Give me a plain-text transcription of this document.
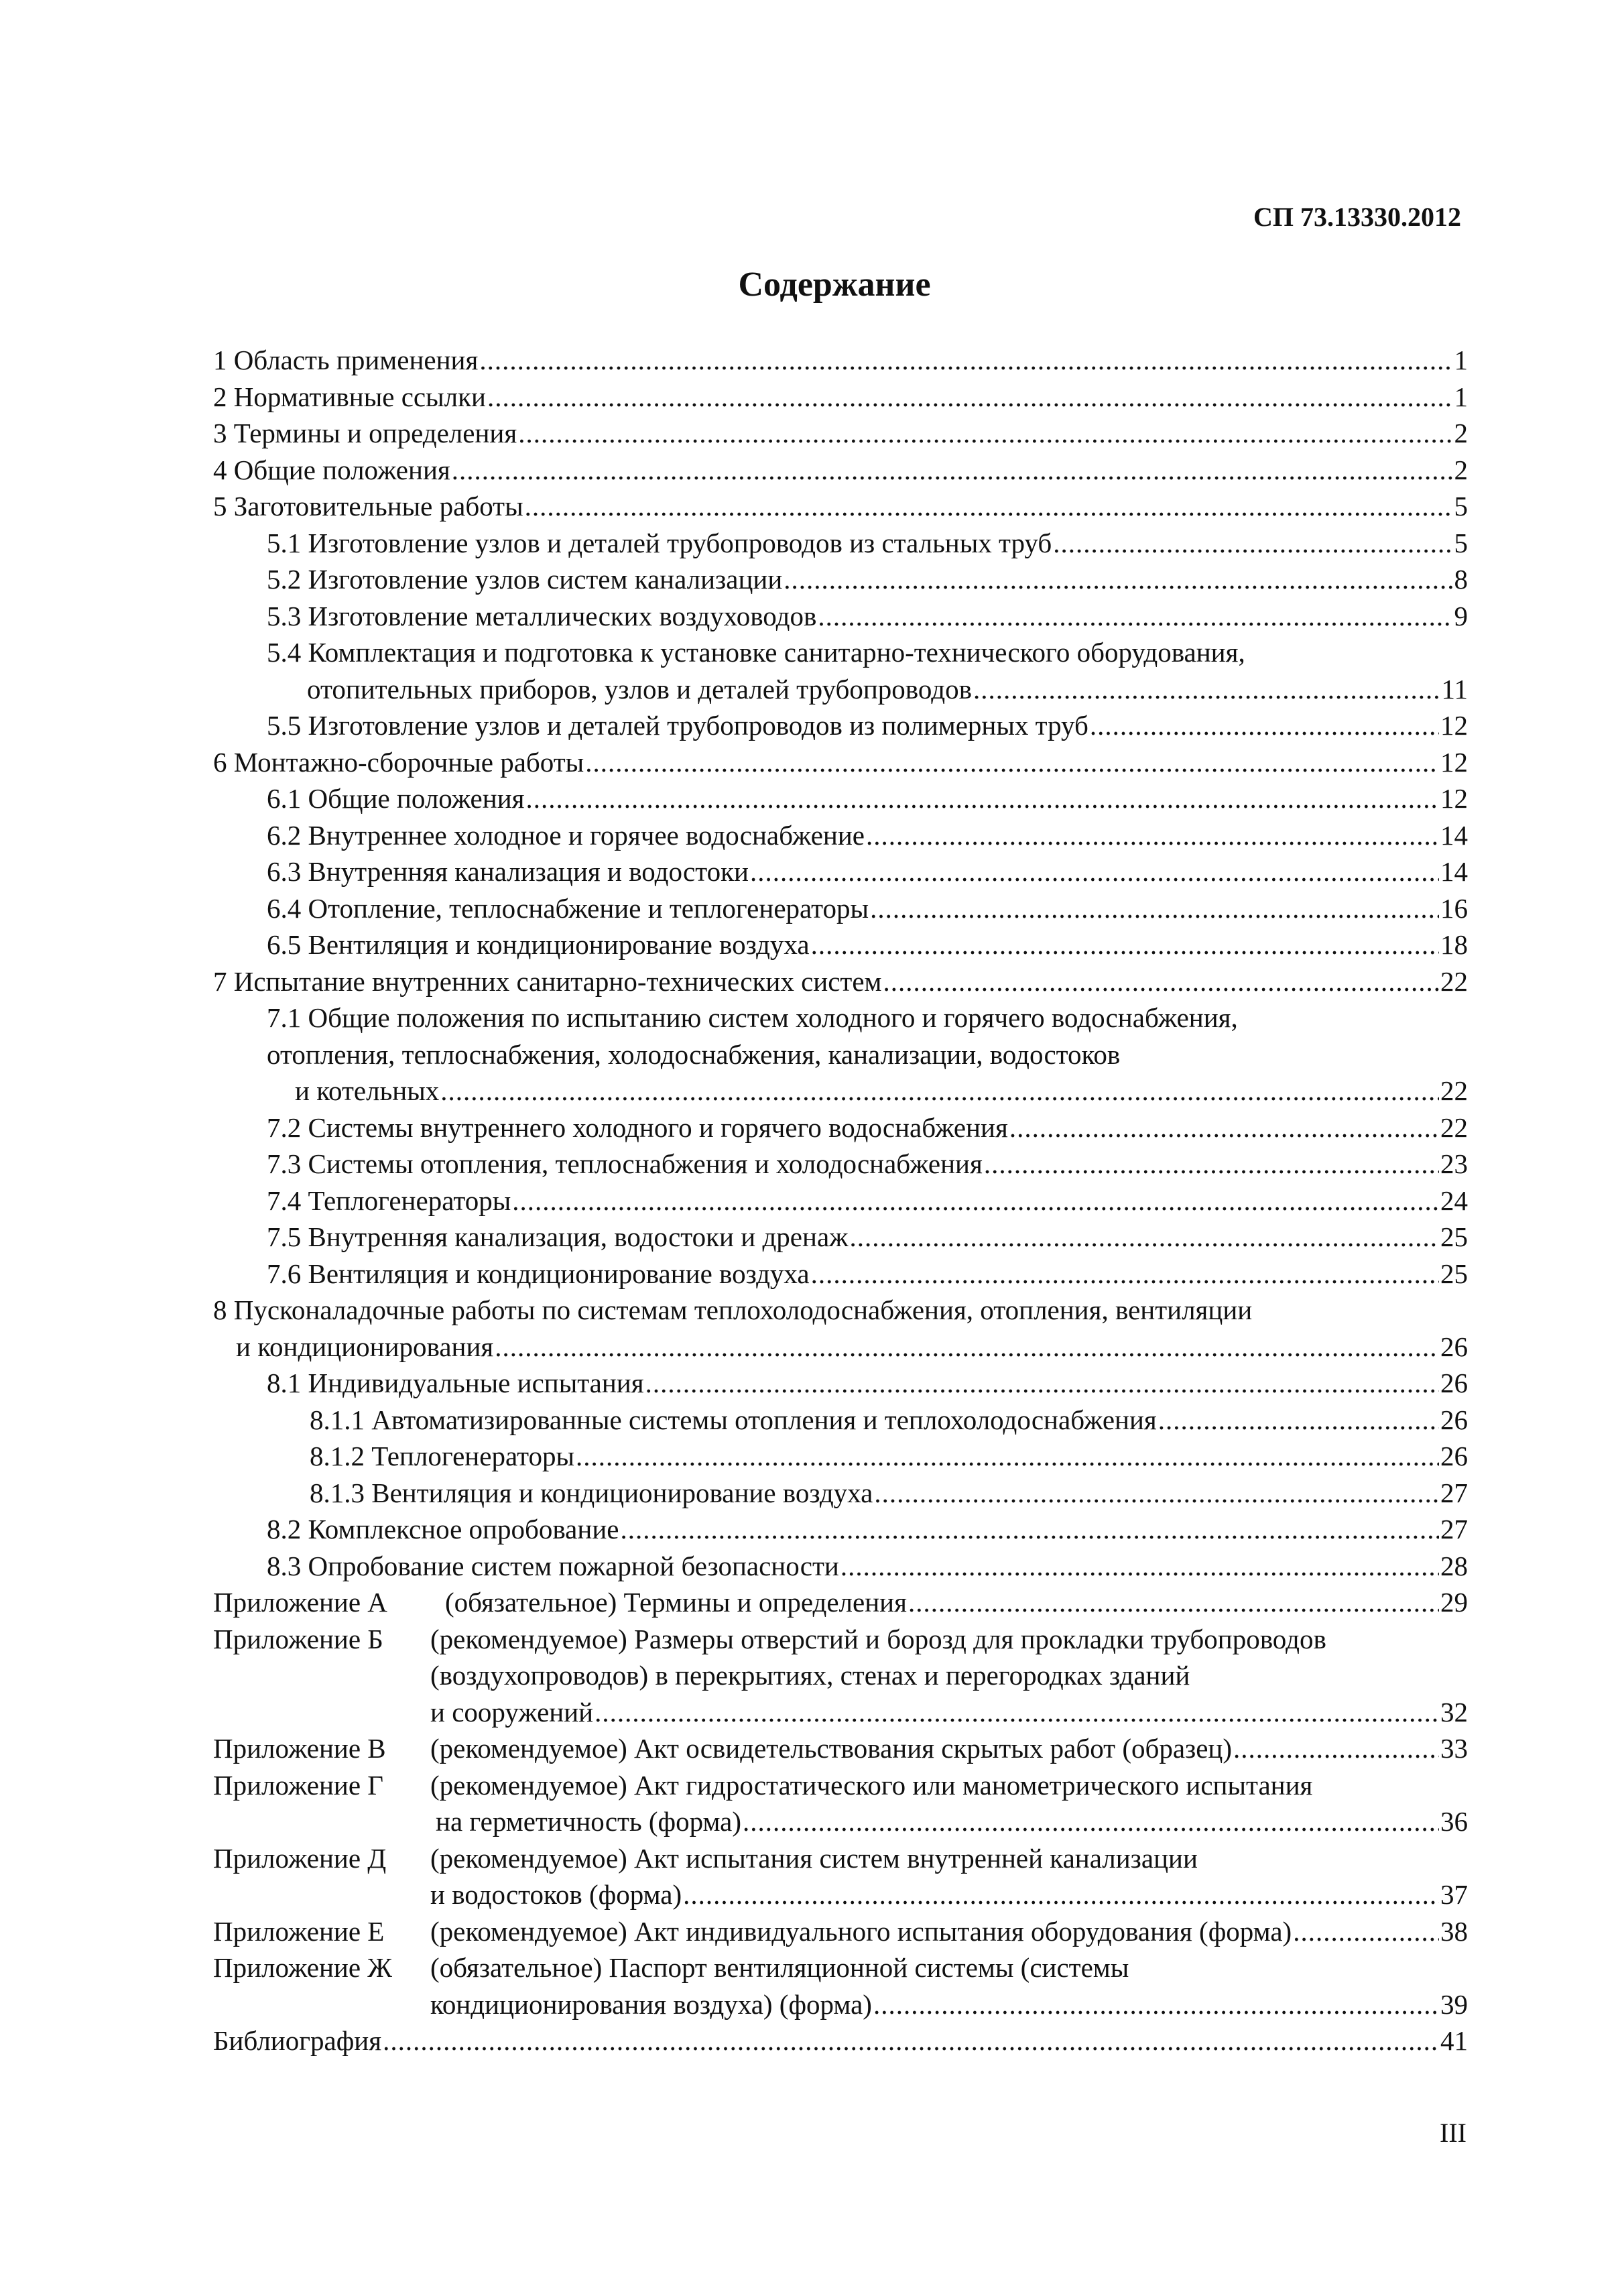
СП 73.13330.2012
Содержание
1 Область применения .....	1
2 Нормативные ссылки .....	1
3 Термины и определения .....	2
4 Общие положения .....	2
5 Заготовительные работы .....	5
5.1 Изготовление узлов и деталей трубопроводов из стальных труб .....	5
5.2 Изготовление узлов систем канализации .....	8
5.3 Изготовление металлических воздуховодов .....	9
5.4 Комплектация и подготовка к установке санитарно-технического оборудования,
отопительных приборов, узлов и деталей трубопроводов .....	11
5.5 Изготовление узлов и деталей трубопроводов из полимерных труб .....	12
6 Монтажно-сборочные работы .....	12
6.1 Общие положения .....	12
6.2 Внутреннее холодное и горячее водоснабжение .....	14
6.3 Внутренняя канализация и водостоки .....	14
6.4 Отопление, теплоснабжение и теплогенераторы .....	16
6.5 Вентиляция и кондиционирование воздуха .....	18
7 Испытание внутренних санитарно-технических систем .....	22
7.1 Общие положения по испытанию систем холодного и горячего водоснабжения,
отопления, теплоснабжения, холодоснабжения, канализации, водостоков
и котельных .....	22
7.2 Системы внутреннего холодного и горячего водоснабжения .....	22
7.3 Системы отопления, теплоснабжения и холодоснабжения .....	23
7.4 Теплогенераторы .....	24
7.5 Внутренняя канализация, водостоки и дренаж .....	25
7.6 Вентиляция и кондиционирование воздуха .....	25
8 Пусконаладочные работы по системам теплохолодоснабжения, отопления, вентиляции
и кондиционирования .....	26
8.1 Индивидуальные испытания .....	26
8.1.1 Автоматизированные системы отопления и теплохолодоснабжения .....	26
8.1.2 Теплогенераторы .....	26
8.1.3 Вентиляция и кондиционирование воздуха .....	27
8.2 Комплексное опробование .....	27
8.3 Опробование систем пожарной безопасности .....	28
Приложение А	(обязательное) Термины и определения .....	29
Приложение Б	(рекомендуемое) Размеры отверстий и борозд для прокладки трубопроводов
(воздухопроводов) в перекрытиях, стенах и перегородках зданий
и сооружений .....	32
Приложение В	(рекомендуемое) Акт освидетельствования скрытых работ (образец) .....	33
Приложение Г	(рекомендуемое) Акт гидростатического или манометрического испытания
на герметичность (форма) .....	36
Приложение Д	(рекомендуемое) Акт испытания систем внутренней канализации
и водостоков (форма) .....	37
Приложение Е	(рекомендуемое) Акт индивидуального испытания оборудования (форма) .....	38
Приложение Ж	(обязательное) Паспорт вентиляционной системы (системы
кондиционирования воздуха) (форма) .....	39
Библиография .....	41
III
